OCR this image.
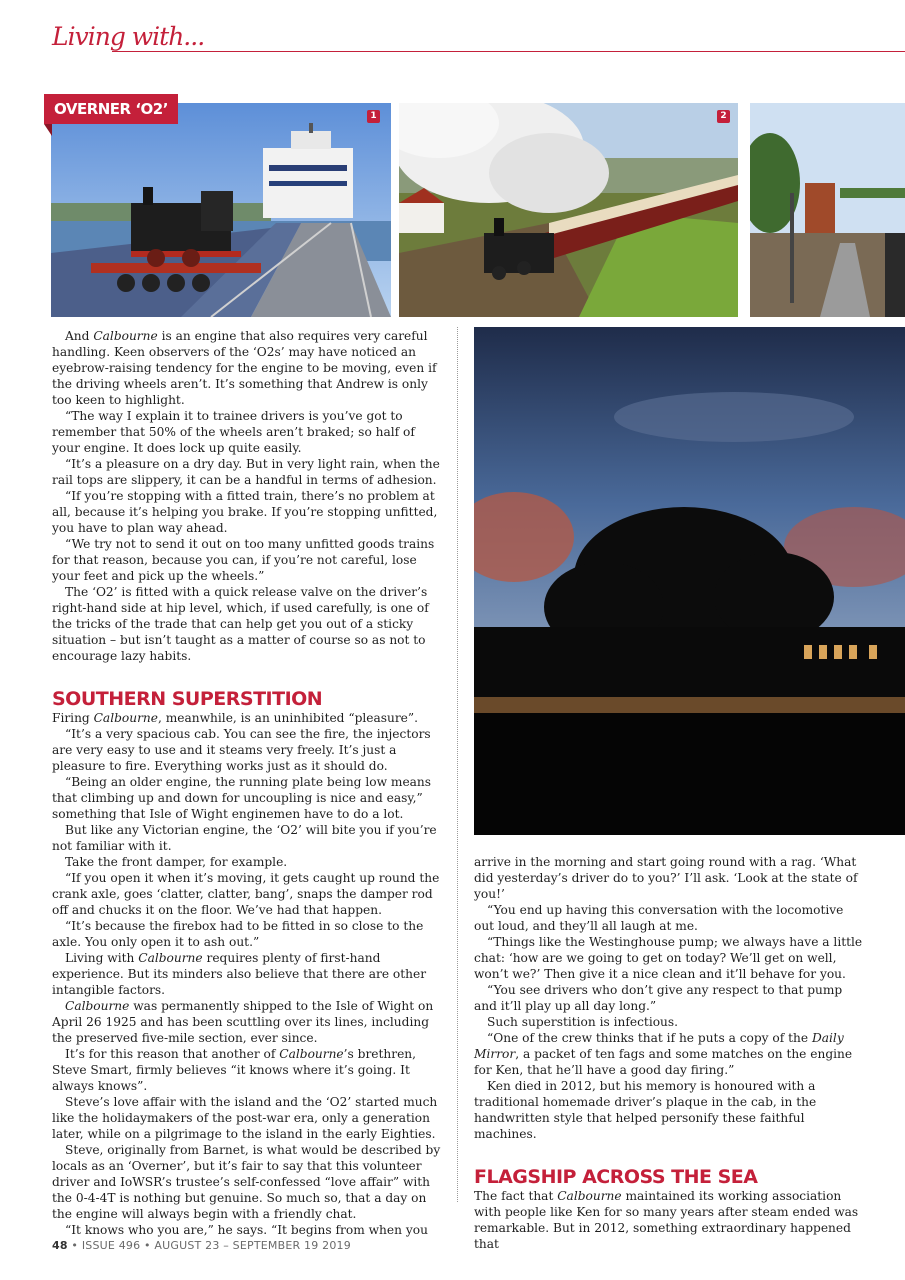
Living with...
OVERNER ‘O2’	1	2

And Calbourne is an engine that also requires very careful handling. Keen observers of the ‘O2s’ may have noticed an eyebrow-raising tendency for the engine to be moving, even if the driving wheels aren’t. It’s something that Andrew is only too keen to highlight.

“The way I explain it to trainee drivers is you’ve got to remember that 50% of the wheels aren’t braked; so half of your engine. It does lock up quite easily.

“It’s a pleasure on a dry day. But in very light rain, when the rail tops are slippery, it can be a handful in terms of adhesion.

“If you’re stopping with a fitted train, there’s no problem at all, because it’s helping you brake. If you’re stopping unfitted, you have to plan way ahead.

“We try not to send it out on too many unfitted goods trains for that reason, because you can, if you’re not careful, lose your feet and pick up the wheels.”

The ‘O2’ is fitted with a quick release valve on the driver’s right-hand side at hip level, which, if used carefully, is one of the tricks of the trade that can help get you out of a sticky situation – but isn’t taught as a matter of course so as not to encourage lazy habits.

SOUTHERN SUPERSTITION

Firing Calbourne, meanwhile, is an uninhibited “pleasure”.

“It’s a very spacious cab. You can see the fire, the injectors are very easy to use and it steams very freely. It’s just a pleasure to fire. Everything works just as it should do.

“Being an older engine, the running plate being low means that climbing up and down for uncoupling is nice and easy,” something that Isle of Wight enginemen have to do a lot.

But like any Victorian engine, the ‘O2’ will bite you if you’re not familiar with it.

Take the front damper, for example.

“If you open it when it’s moving, it gets caught up round the crank axle, goes ‘clatter, clatter, bang’, snaps the damper rod off and chucks it on the floor. We’ve had that happen.

“It’s because the firebox had to be fitted in so close to the axle. You only open it to ash out.”

Living with Calbourne requires plenty of first-hand experience. But its minders also believe that there are other intangible factors.

Calbourne was permanently shipped to the Isle of Wight on April 26 1925 and has been scuttling over its lines, including the preserved five-mile section, ever since.

It’s for this reason that another of Calbourne’s brethren, Steve Smart, firmly believes “it knows where it’s going. It always knows”.

Steve’s love affair with the island and the ‘O2’ started much like the holidaymakers of the post-war era, only a generation later, while on a pilgrimage to the island in the early Eighties.

Steve, originally from Barnet, is what would be described by locals as an ‘Overner’, but it’s fair to say that this volunteer driver and IoWSR’s trustee’s self-confessed “love affair” with the 0-4-4T is nothing but genuine. So much so, that a day on the engine will always begin with a friendly chat.

“It knows who you are,” he says. “It begins from when you

arrive in the morning and start going round with a rag. ‘What did yesterday’s driver do to you?’ I’ll ask. ‘Look at the state of you!’

“You end up having this conversation with the locomotive out loud, and they’ll all laugh at me.

“Things like the Westinghouse pump; we always have a little chat: ‘how are we going to get on today? We’ll get on well, won’t we?’ Then give it a nice clean and it’ll behave for you.

“You see drivers who don’t give any respect to that pump and it’ll play up all day long.”

Such superstition is infectious.

“One of the crew thinks that if he puts a copy of the Daily Mirror, a packet of ten fags and some matches on the engine for Ken, that he’ll have a good day firing.”

Ken died in 2012, but his memory is honoured with a traditional homemade driver’s plaque in the cab, in the handwritten style that helped personify these faithful machines.

FLAGSHIP ACROSS THE SEA

The fact that Calbourne maintained its working association with people like Ken for so many years after steam ended was remarkable. But in 2012, something extraordinary happened that

48 • ISSUE 496 • AUGUST 23 – SEPTEMBER 19 2019
